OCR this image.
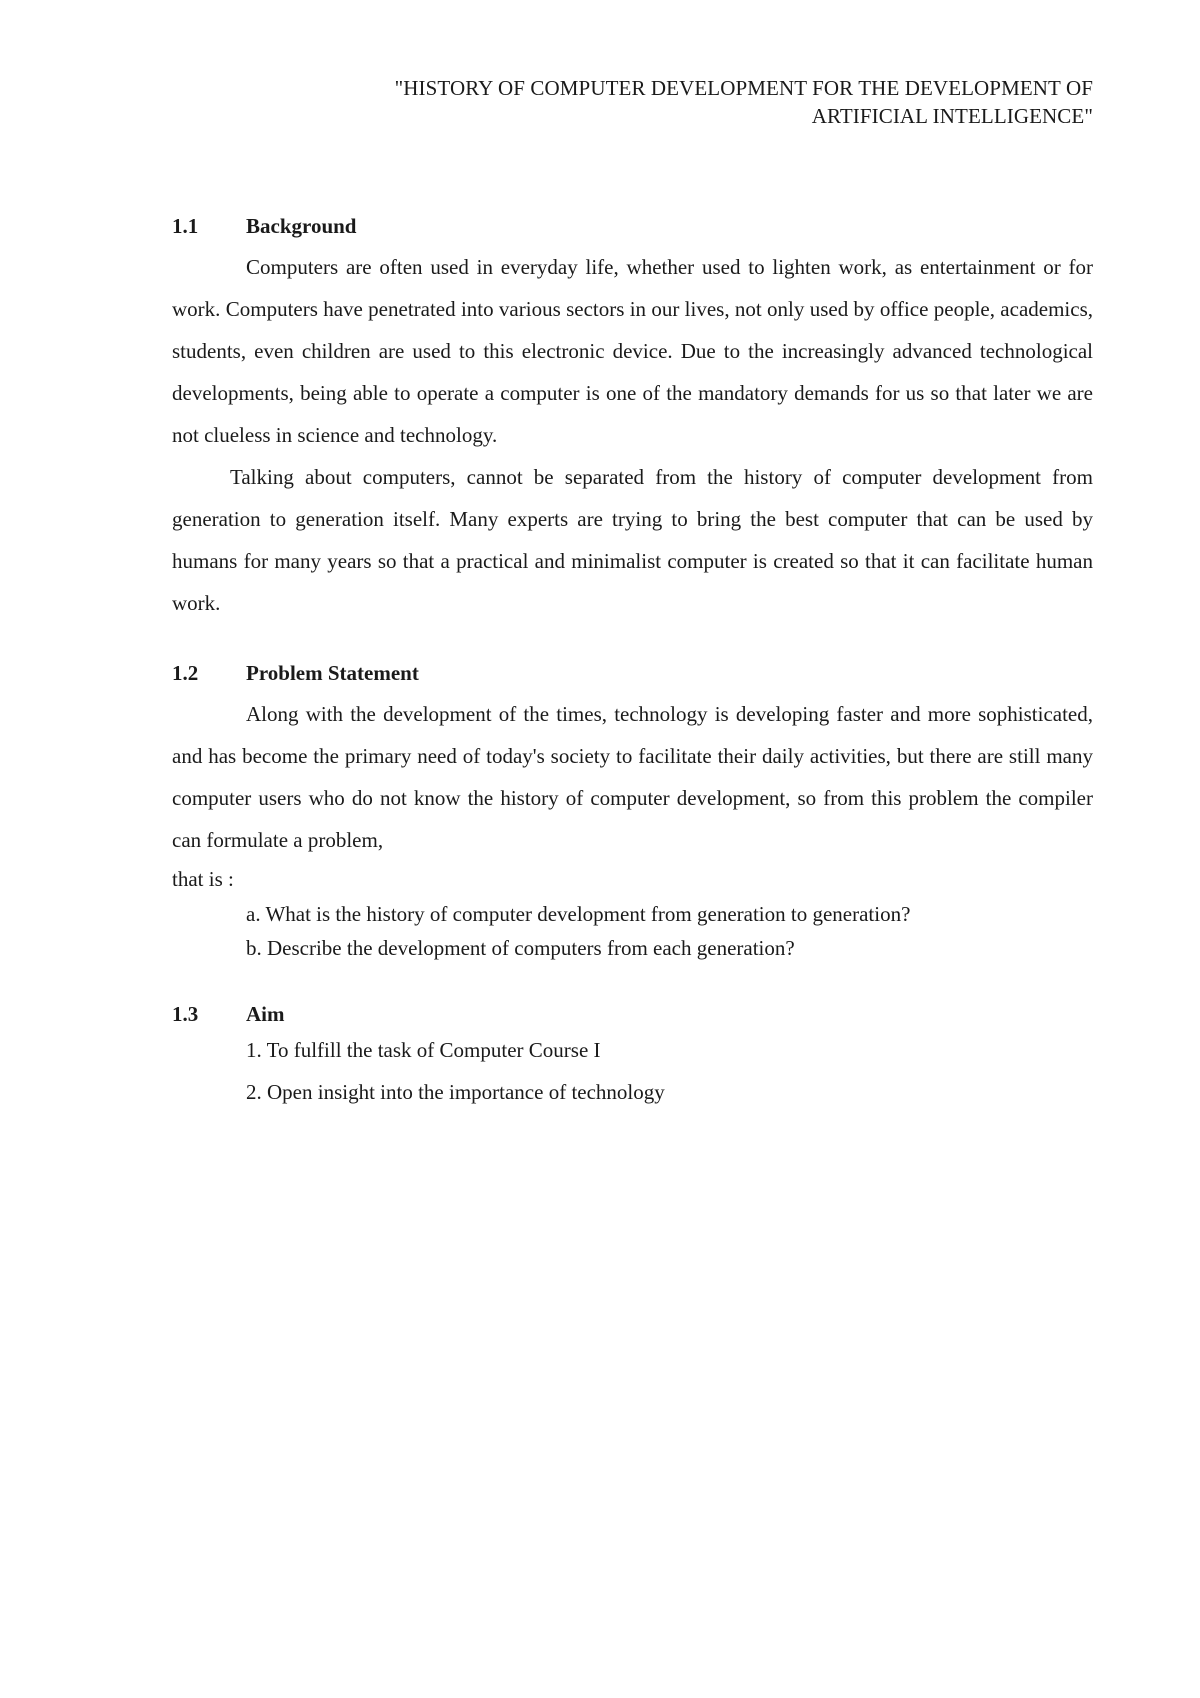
"HISTORY OF COMPUTER DEVELOPMENT FOR THE DEVELOPMENT OF
ARTIFICIAL INTELLIGENCE"
1.1	Background

Computers are often used in everyday life, whether used to lighten work, as entertainment or for work. Computers have penetrated into various sectors in our lives, not only used by office people, academics, students, even children are used to this electronic device. Due to the increasingly advanced technological developments, being able to operate a computer is one of the mandatory demands for us so that later we are not clueless in science and technology.

Talking about computers, cannot be separated from the history of computer development from generation to generation itself. Many experts are trying to bring the best computer that can be used by humans for many years so that a practical and minimalist computer is created so that it can facilitate human work.

1.2	Problem Statement

Along with the development of the times, technology is developing faster and more sophisticated, and has become the primary need of today's society to facilitate their daily activities, but there are still many computer users who do not know the history of computer development, so from this problem the compiler can formulate a problem,

that is :

a. What is the history of computer development from generation to generation?

b. Describe the development of computers from each generation?

1.3	Aim

1. To fulfill the task of Computer Course I

2. Open insight into the importance of technology
